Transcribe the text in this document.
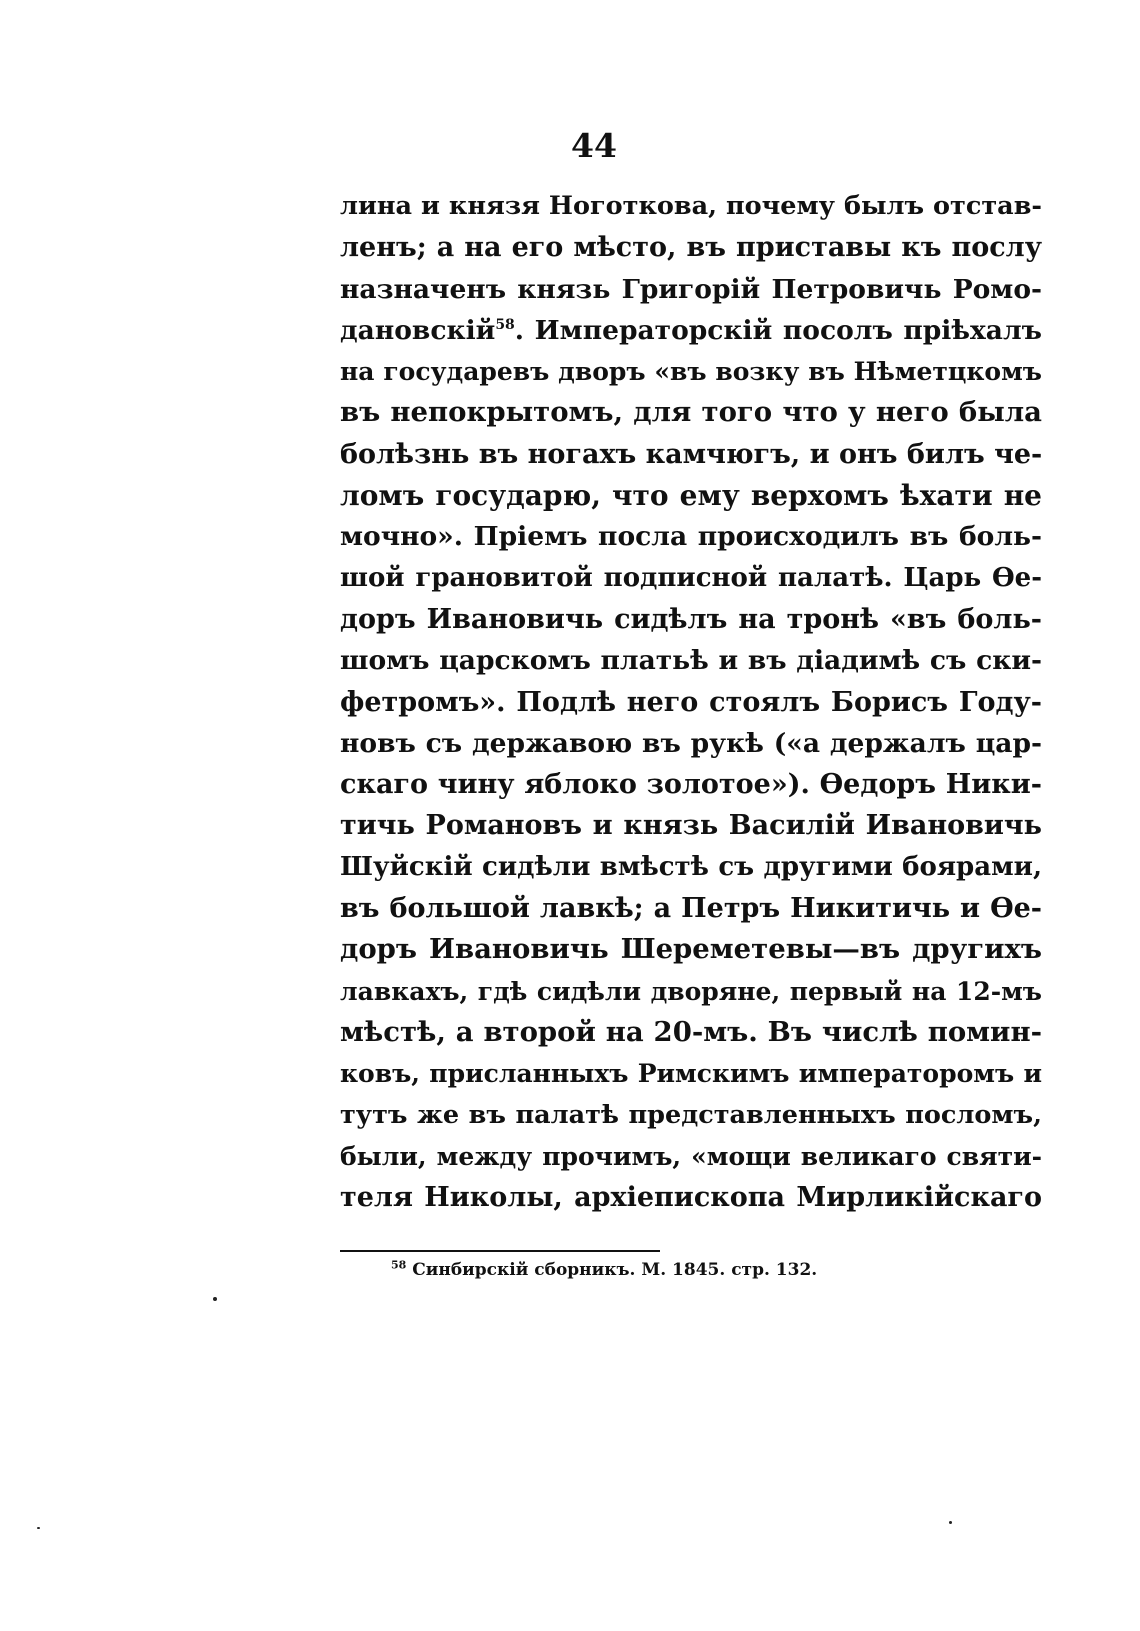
44
лина и князя Ноготкова, почему былъ отстав-
ленъ; а на его мѣсто, въ приставы къ послу
назначенъ князь Григорій Петровичь Ромо-
дановскій$^{58}$. Императорскій посолъ пріѣхалъ
на государевъ дворъ «въ возку въ Нѣметцкомъ
въ непокрытомъ, для того что у него была
болѣзнь въ ногахъ камчюгъ, и онъ билъ че-
ломъ государю, что ему верхомъ ѣхати не
мочно». Пріемъ посла происходилъ въ боль-
шой грановитой подписной палатѣ. Царь Ѳе-
доръ Ивановичь сидѣлъ на тронѣ «въ боль-
шомъ царскомъ платьѣ и въ діадимѣ съ ски-
фетромъ». Подлѣ него стоялъ Борисъ Году-
новъ съ державою въ рукѣ («а держалъ цар-
скаго чину яблоко золотое»). Ѳедоръ Ники-
тичь Романовъ и князь Василій Ивановичь
Шуйскій сидѣли вмѣстѣ съ другими боярами,
въ большой лавкѣ; а Петръ Никитичь и Ѳе-
доръ Ивановичь Шереметевы—въ другихъ
лавкахъ, гдѣ сидѣли дворяне, первый на 12-мъ
мѣстѣ, а второй на 20-мъ. Въ числѣ помин-
ковъ, присланныхъ Римскимъ императоромъ и
тутъ же въ палатѣ представленныхъ посломъ,
были, между прочимъ, «мощи великаго святи-
теля Николы, архіепископа Мирликійскаго
$^{58}$ Синбирскій сборникъ. М. 1845. стр. 132.
